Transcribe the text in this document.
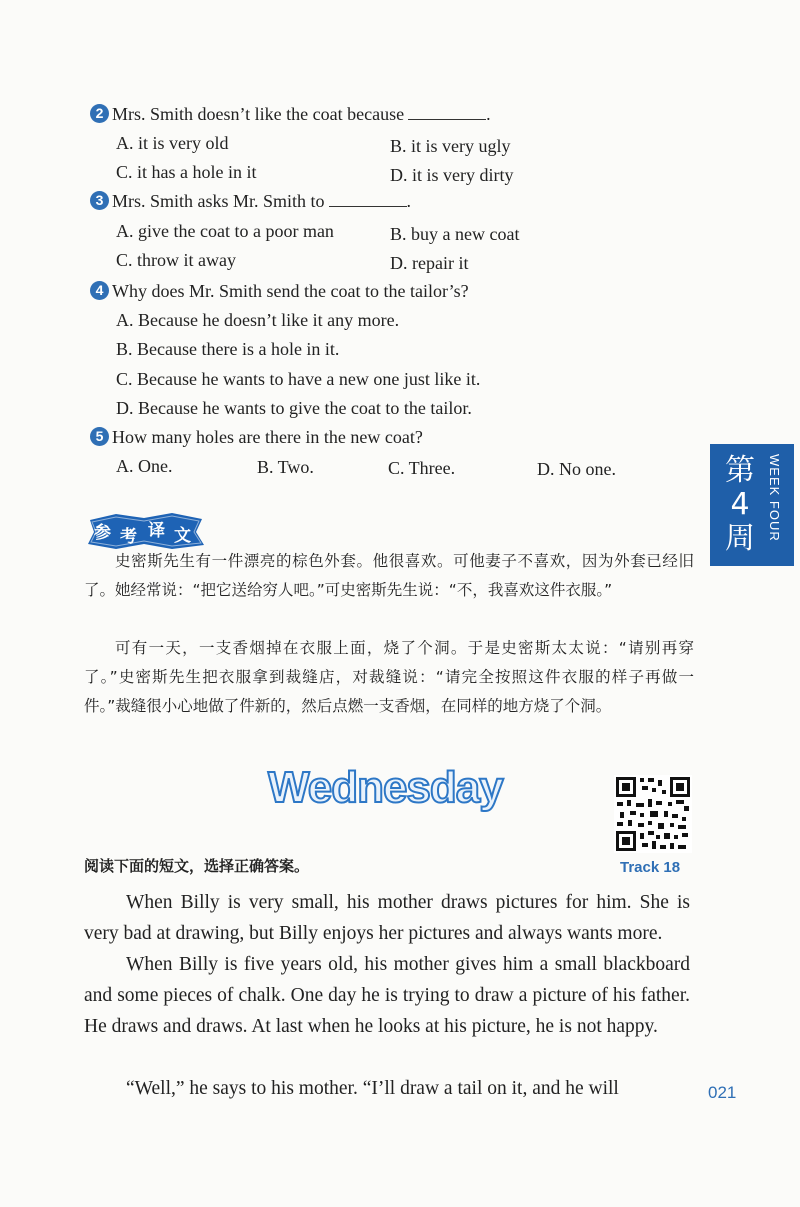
2 Mrs. Smith doesn’t like the coat because	.
A. it is very old	B. it is very ugly
C. it has a hole in it	D. it is very dirty
3 Mrs. Smith asks Mr. Smith to	.
A. give the coat to a poor man	B. buy a new coat
C. throw it away	D. repair it
4 Why does Mr. Smith send the coat to the tailor’s?
A. Because he doesn’t like it any more.
B. Because there is a hole in it.
C. Because he wants to have a new one just like it.
D. Because he wants to give the coat to the tailor.
5 How many holes are there in the new coat?
A. One.	B. Two.	C. Three.	D. No one.	第4周 WEEK FOUR
参 考 译 文
史密斯先生有一件漂亮的棕色外套。他很喜欢。可他妻子不喜欢，因为外套已经旧了。她经常说：“把它送给穷人吧。”可史密斯先生说：“不，我喜欢这件衣服。”
可有一天，一支香烟掉在衣服上面，烧了个洞。于是史密斯太太说：“请别再穿了。”史密斯先生把衣服拿到裁缝店，对裁缝说：“请完全按照这件衣服的样子再做一件。”裁缝很小心地做了件新的，然后点燃一支香烟，在同样的地方烧了个洞。
Wednesday
Track 18
阅读下面的短文，选择正确答案。
When Billy is very small, his mother draws pictures for him. She is very bad at drawing, but Billy enjoys her pictures and always wants more.
When Billy is five years old, his mother gives him a small blackboard and some pieces of chalk. One day he is trying to draw a picture of his father. He draws and draws. At last when he looks at his picture, he is not happy.
“Well,” he says to his mother. “I’ll draw a tail on it, and he will	021
